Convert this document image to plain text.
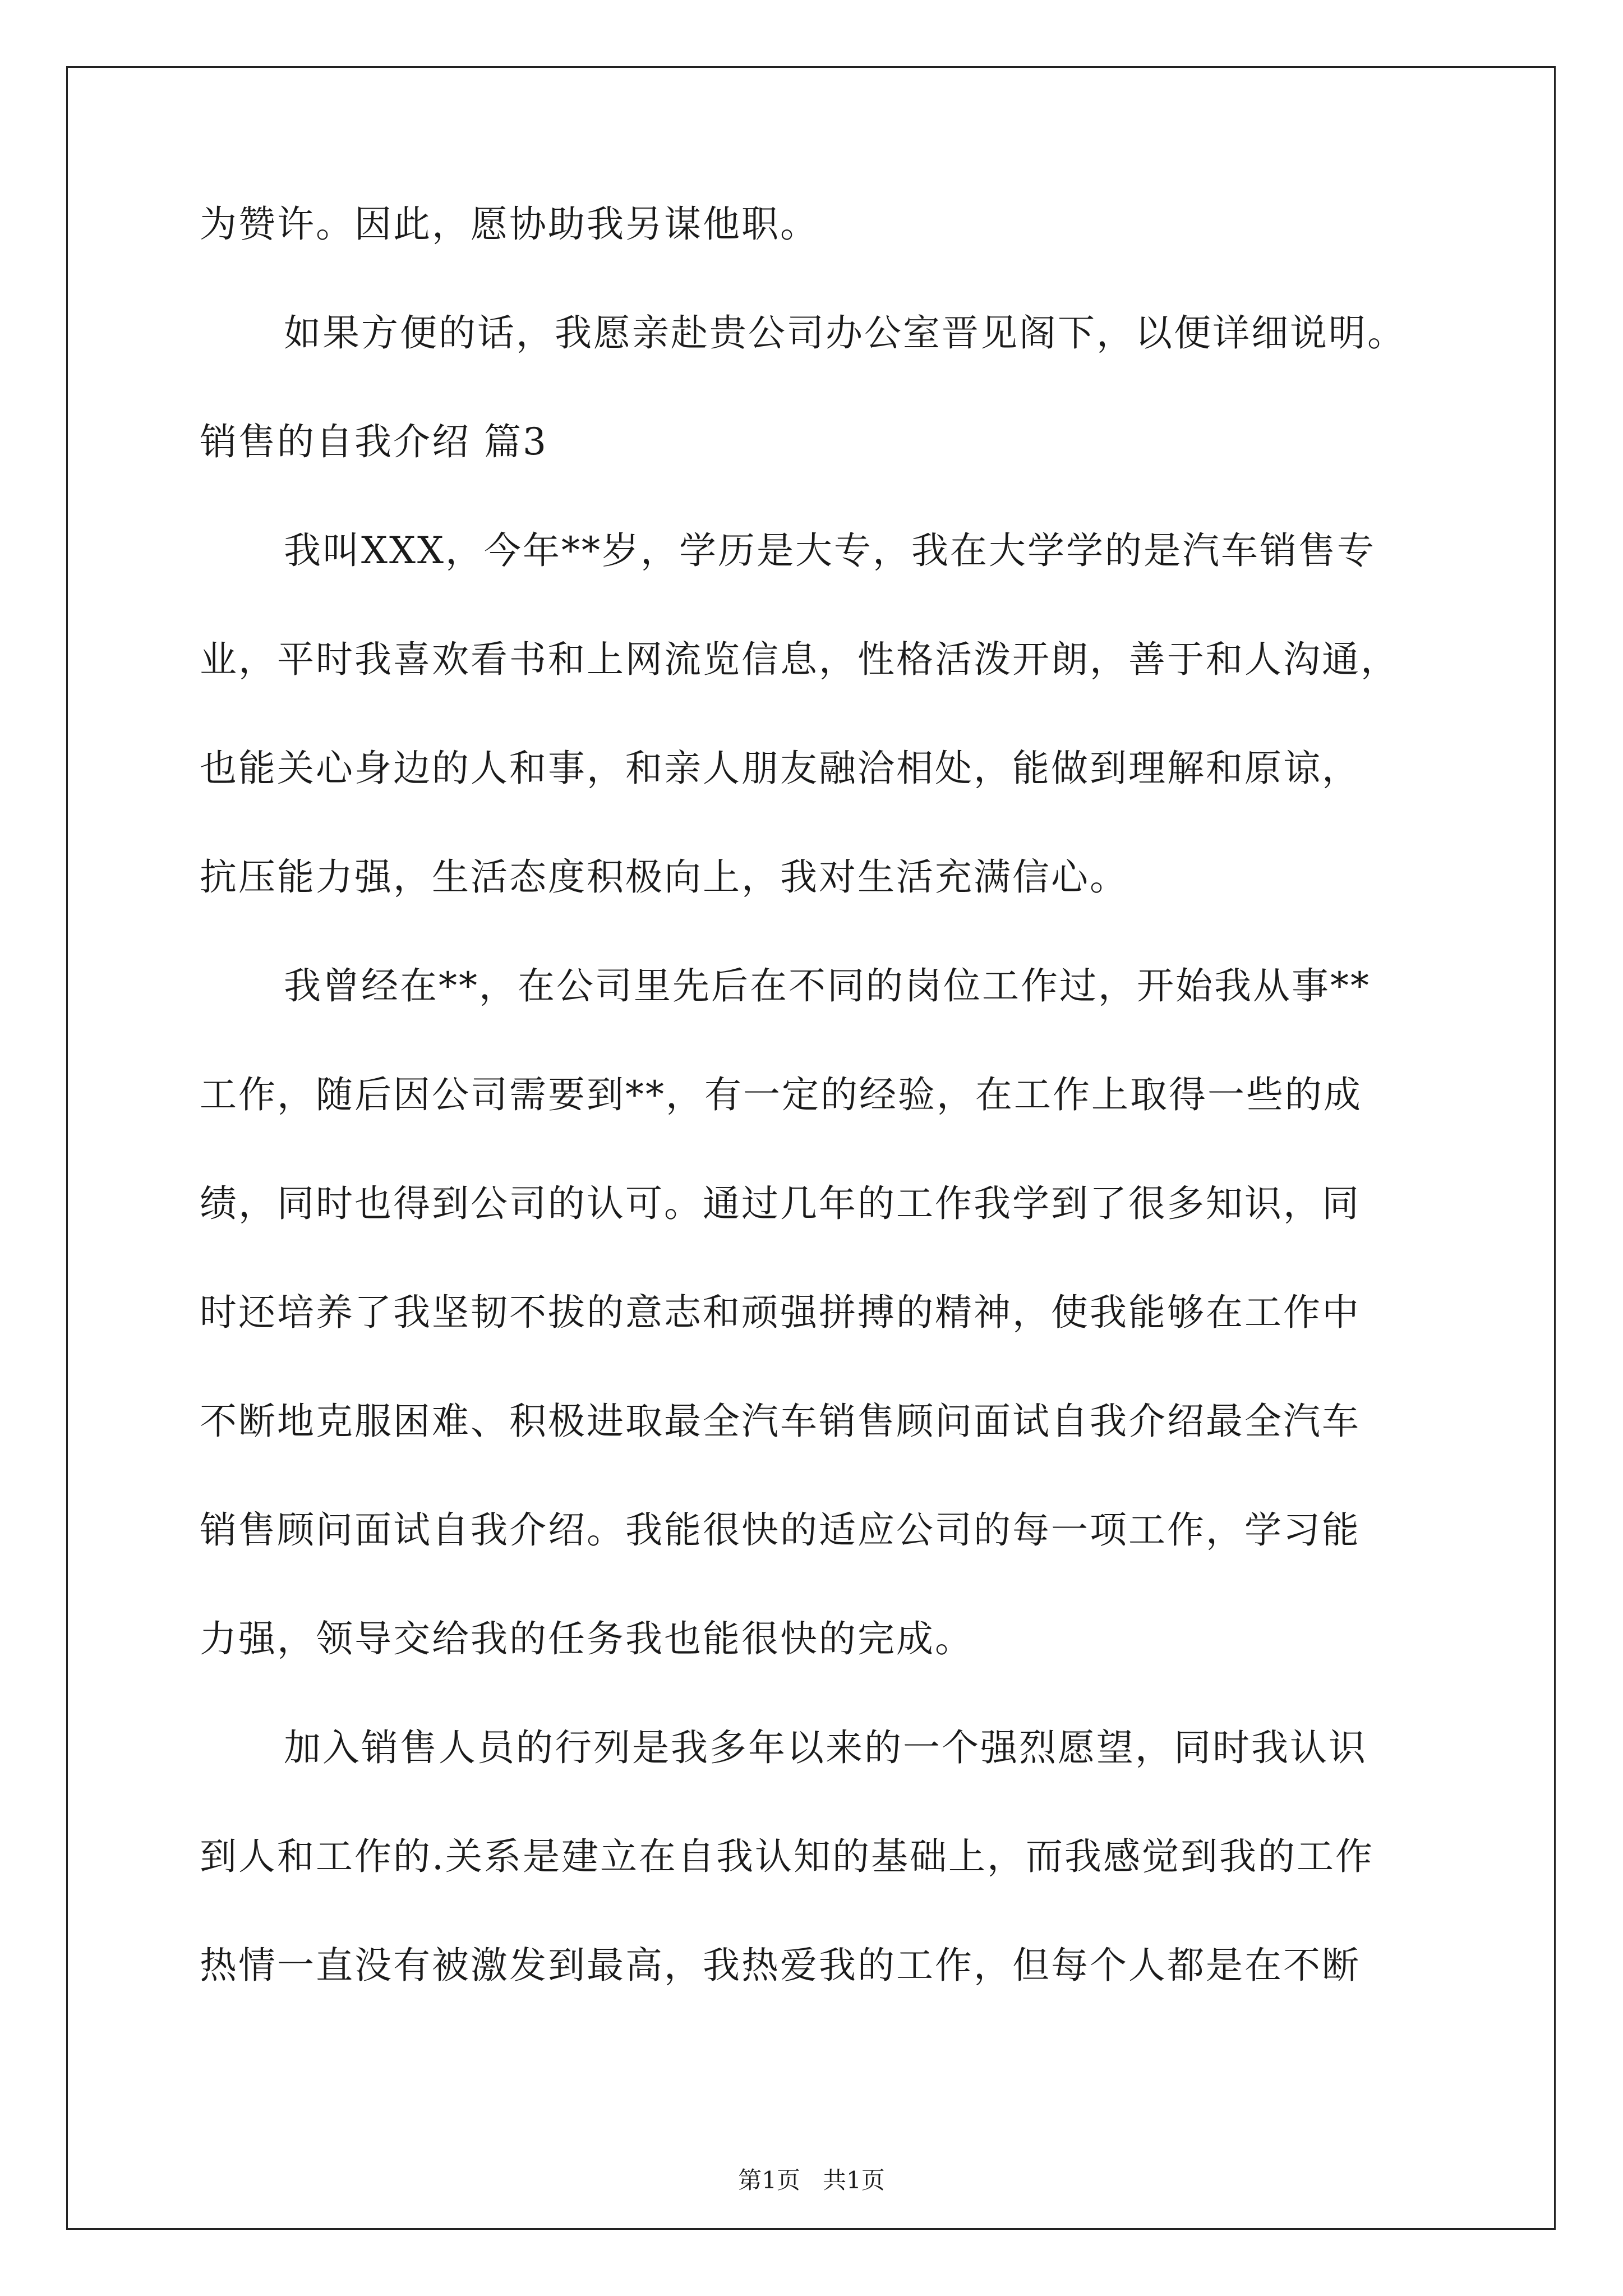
为赞许。因此，愿协助我另谋他职。
如果方便的话，我愿亲赴贵公司办公室晋见阁下，以便详细说明。
销售的自我介绍 篇3
我叫XXX，今年**岁，学历是大专，我在大学学的是汽车销售专
业，平时我喜欢看书和上网流览信息，性格活泼开朗，善于和人沟通，
也能关心身边的人和事，和亲人朋友融洽相处，能做到理解和原谅，
抗压能力强，生活态度积极向上，我对生活充满信心。
我曾经在**，在公司里先后在不同的岗位工作过，开始我从事**
工作，随后因公司需要到**，有一定的经验，在工作上取得一些的成
绩，同时也得到公司的认可。通过几年的工作我学到了很多知识，同
时还培养了我坚韧不拔的意志和顽强拼搏的精神，使我能够在工作中
不断地克服困难、积极进取最全汽车销售顾问面试自我介绍最全汽车
销售顾问面试自我介绍。我能很快的适应公司的每一项工作，学习能
力强，领导交给我的任务我也能很快的完成。
加入销售人员的行列是我多年以来的一个强烈愿望，同时我认识
到人和工作的.关系是建立在自我认知的基础上，而我感觉到我的工作
热情一直没有被激发到最高，我热爱我的工作，但每个人都是在不断
第1页   共1页
